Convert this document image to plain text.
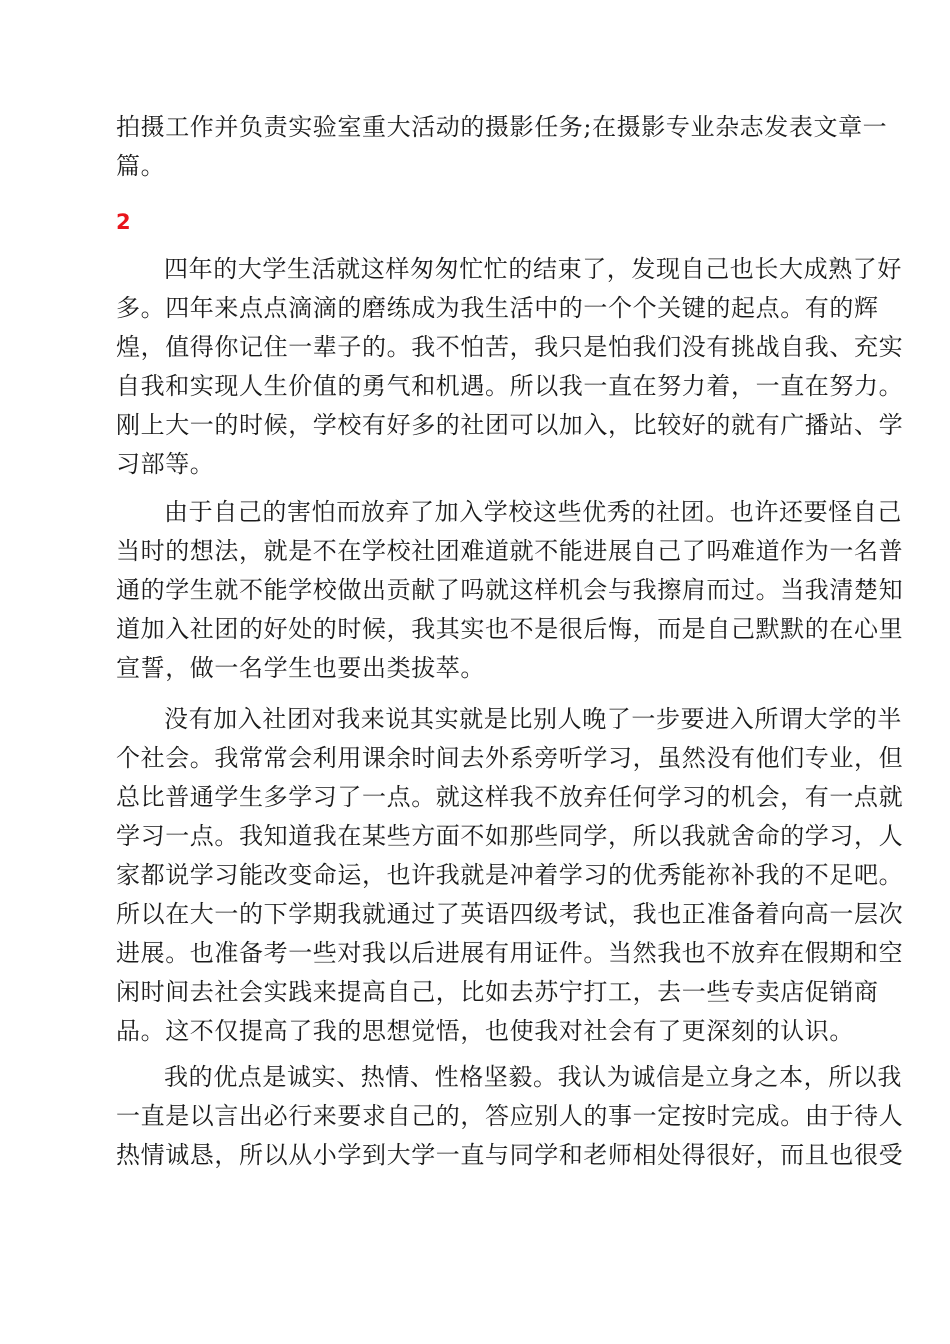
拍摄工作并负责实验室重大活动的摄影任务;在摄影专业杂志发表文章一
篇。

2

四年的大学生活就这样匆匆忙忙的结束了，发现自己也长大成熟了好
多。四年来点点滴滴的磨练成为我生活中的一个个关键的起点。有的辉
煌，值得你记住一辈子的。我不怕苦，我只是怕我们没有挑战自我、充实
自我和实现人生价值的勇气和机遇。所以我一直在努力着，一直在努力。
刚上大一的时候，学校有好多的社团可以加入，比较好的就有广播站、学
习部等。

由于自己的害怕而放弃了加入学校这些优秀的社团。也许还要怪自己
当时的想法，就是不在学校社团难道就不能进展自己了吗难道作为一名普
通的学生就不能学校做出贡献了吗就这样机会与我擦肩而过。当我清楚知
道加入社团的好处的时候，我其实也不是很后悔，而是自己默默的在心里
宣誓，做一名学生也要出类拔萃。

没有加入社团对我来说其实就是比别人晚了一步要进入所谓大学的半
个社会。我常常会利用课余时间去外系旁听学习，虽然没有他们专业，但
总比普通学生多学习了一点。就这样我不放弃任何学习的机会，有一点就
学习一点。我知道我在某些方面不如那些同学，所以我就舍命的学习，人
家都说学习能改变命运，也许我就是冲着学习的优秀能祢补我的不足吧。
所以在大一的下学期我就通过了英语四级考试，我也正准备着向高一层次
进展。也准备考一些对我以后进展有用证件。当然我也不放弃在假期和空
闲时间去社会实践来提高自己，比如去苏宁打工，去一些专卖店促销商
品。这不仅提高了我的思想觉悟，也使我对社会有了更深刻的认识。

我的优点是诚实、热情、性格坚毅。我认为诚信是立身之本，所以我
一直是以言出必行来要求自己的，答应别人的事一定按时完成。由于待人
热情诚恳，所以从小学到大学一直与同学和老师相处得很好，而且也很受
